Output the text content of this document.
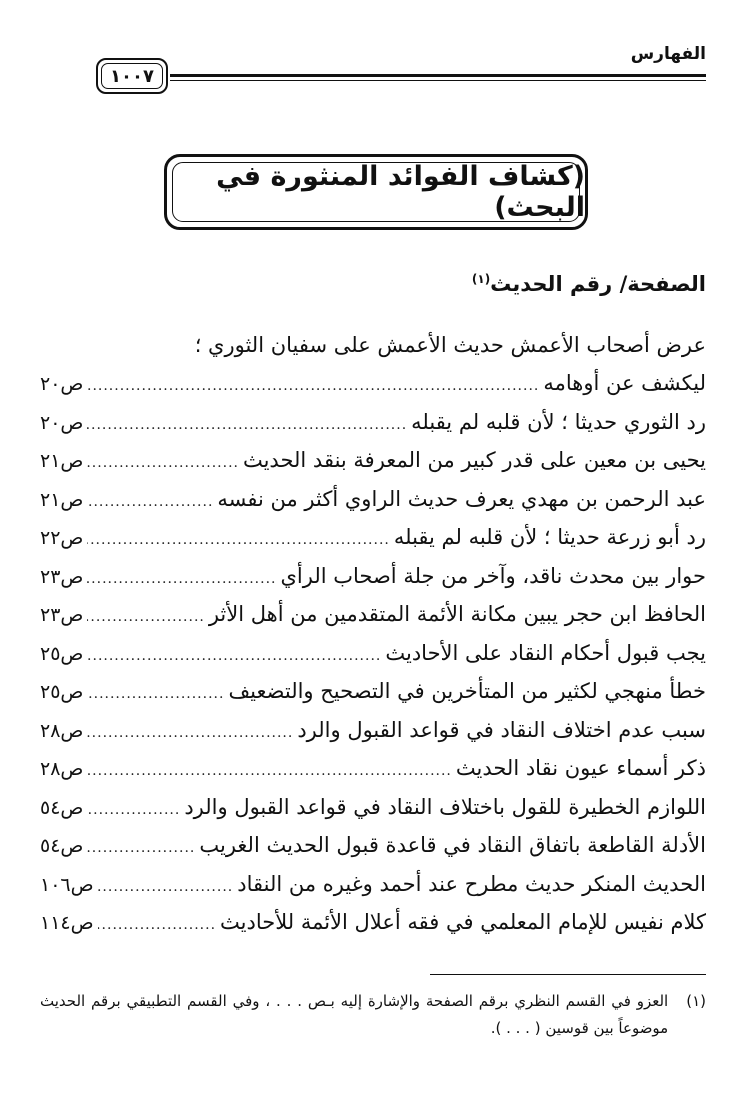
الفهارس
١٠٠٧
(كشاف الفوائد المنثورة في البحث)
الصفحة/ رقم الحديث$^{(١)}$
عرض أصحاب الأعمش حديث الأعمش على سفيان الثوري ؛
ليكشف عن أوهامه
.....
ص٢٠
رد الثوري حديثا ؛ لأن قلبه لم يقبله
.....
ص٢٠
يحيى بن معين على قدر كبير من المعرفة بنقد الحديث
.....
ص٢١
عبد الرحمن بن مهدي يعرف حديث الراوي أكثر من نفسه
.....
ص٢١
رد أبو زرعة حديثا ؛ لأن قلبه لم يقبله
.....
ص٢٢
حوار بين محدث ناقد، وآخر من جلة أصحاب الرأي
.....
ص٢٣
الحافظ ابن حجر يبين مكانة الأئمة المتقدمين من أهل الأثر
.....
ص٢٣
يجب قبول أحكام النقاد على الأحاديث
.....
ص٢٥
خطأ منهجي لكثير من المتأخرين في التصحيح والتضعيف
.....
ص٢٥
سبب عدم اختلاف النقاد في قواعد القبول والرد
.....
ص٢٨
ذكر أسماء عيون نقاد الحديث
.....
ص٢٨
اللوازم الخطيرة للقول باختلاف النقاد في قواعد القبول والرد
.....
ص٥٤
الأدلة القاطعة باتفاق النقاد في قاعدة قبول الحديث الغريب
.....
ص٥٤
الحديث المنكر حديث مطرح عند أحمد وغيره من النقاد
.....
ص١٠٦
كلام نفيس للإمام المعلمي في فقه أعلال الأئمة للأحاديث
.....
ص١١٤
(١)
العزو في القسم النظري برقم الصفحة والإشارة إليه بـص . . . ، وفي القسم التطبيقي برقم الحديث موضوعاً بين قوسين ( . . . ).
